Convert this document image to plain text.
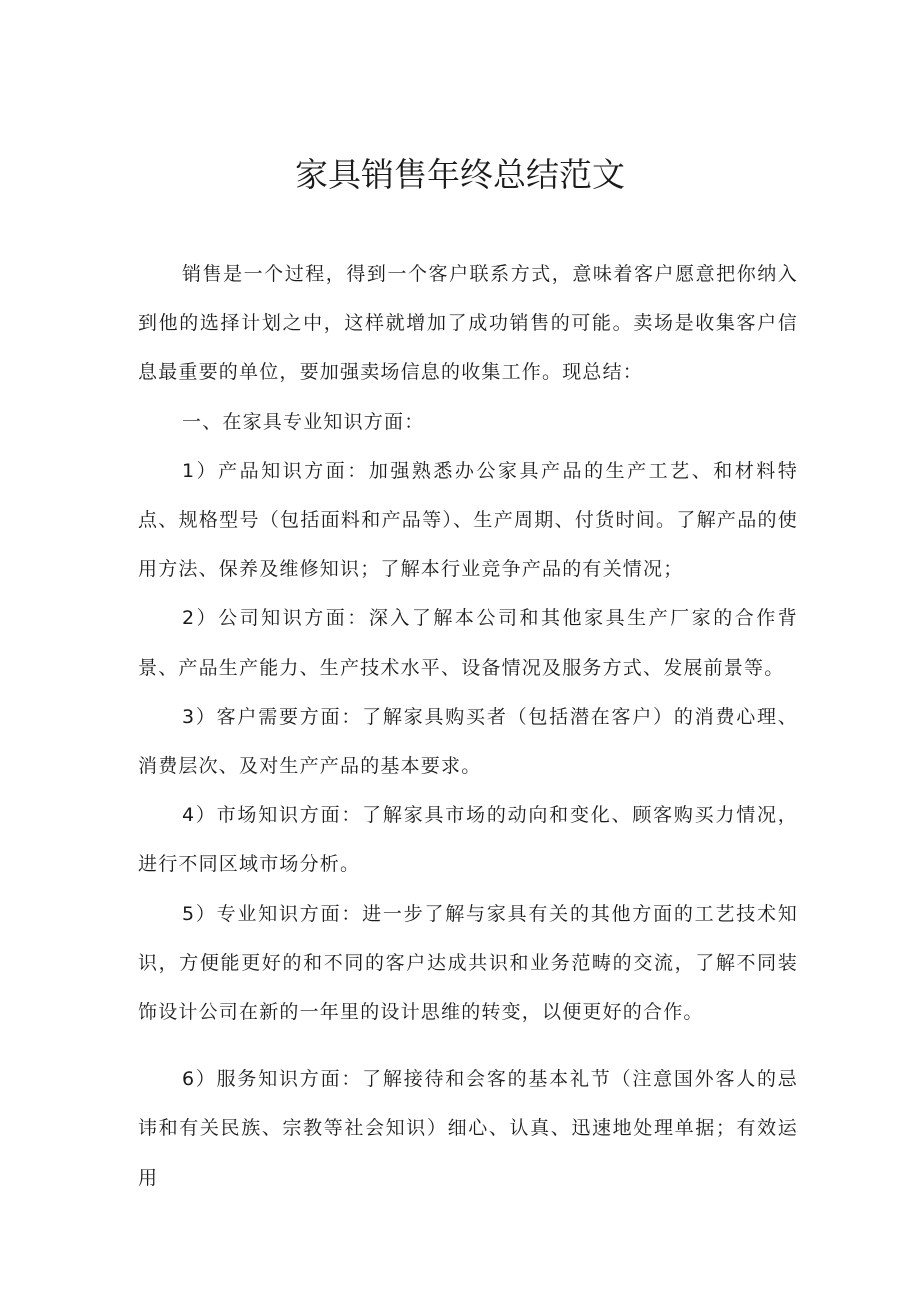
家具销售年终总结范文

销售是一个过程，得到一个客户联系方式，意味着客户愿意把你纳入到他的选择计划之中，这样就增加了成功销售的可能。卖场是收集客户信息最重要的单位，要加强卖场信息的收集工作。现总结：

一、在家具专业知识方面：

1）产品知识方面：加强熟悉办公家具产品的生产工艺、和材料特点、规格型号（包括面料和产品等）、生产周期、付货时间。了解产品的使用方法、保养及维修知识；了解本行业竞争产品的有关情况；

2）公司知识方面：深入了解本公司和其他家具生产厂家的合作背景、产品生产能力、生产技术水平、设备情况及服务方式、发展前景等。

3）客户需要方面：了解家具购买者（包括潜在客户）的消费心理、消费层次、及对生产产品的基本要求。

4）市场知识方面：了解家具市场的动向和变化、顾客购买力情况，进行不同区域市场分析。

5）专业知识方面：进一步了解与家具有关的其他方面的工艺技术知识，方便能更好的和不同的客户达成共识和业务范畴的交流，了解不同装饰设计公司在新的一年里的设计思维的转变，以便更好的合作。

6）服务知识方面：了解接待和会客的基本礼节（注意国外客人的忌讳和有关民族、宗教等社会知识）细心、认真、迅速地处理单据；有效运用
